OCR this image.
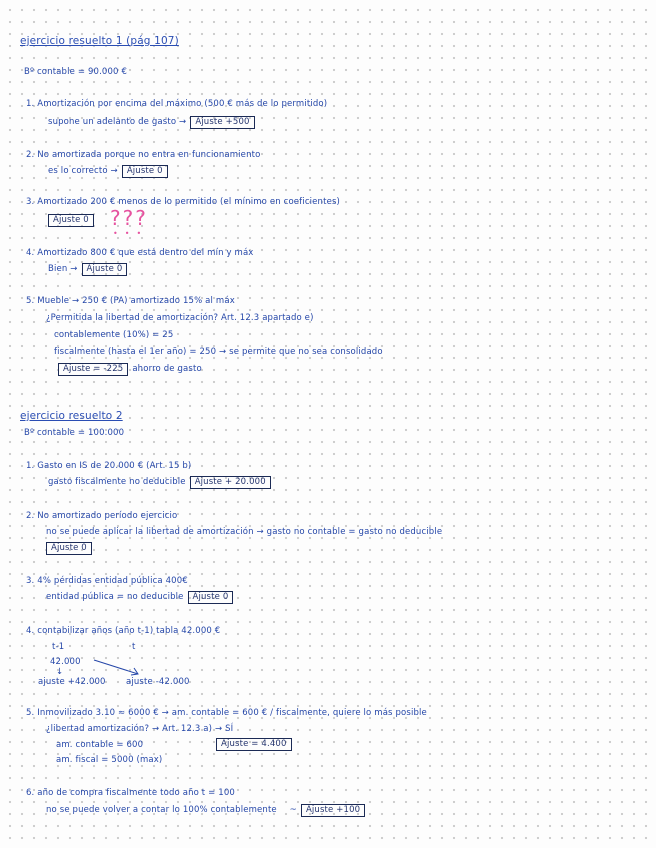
ejercicio resuelto 1 (pág 107)
Bº contable = 90.000 €
1. Amortización por encima del máximo (500 € más de lo permitido)
supone un adelanto de gasto → Ajuste +500
2. No amortizada porque no entra en funcionamiento
es lo correcto → Ajuste 0
3. Amortizado 200 € menos de lo permitido (el mínimo en coeficientes)
Ajuste 0	???
•••
4. Amortizado 800 € que está dentro del mín y máx
Bien → Ajuste 0
5. Mueble → 250 € (PA) amortizado 15% al máx
¿Permitida la libertad de amortización? Art. 12.3 apartado e)
contablemente (10%) = 25
fiscalmente (hasta el 1er año) = 250 → se permite que no sea consolidado
Ajuste = -225 ahorro de gasto
ejercicio resuelto 2
Bº contable = 100.000
1. Gasto en IS de 20.000 € (Art. 15 b)
gasto fiscalmente no deducible Ajuste + 20.000
2. No amortizado período ejercicio
no se puede aplicar la libertad de amortización → gasto no contable = gasto no deducible
Ajuste 0
3. 4% pérdidas entidad pública 400€
entidad pública = no deducible Ajuste 0
4. contabilizar años (año t-1) tabla 42.000 €
t-1	t
42.000
↓
ajuste +42.000 ajuste -42.000
5. Inmovilizado 3.10 ≈ 6000 € → am. contable = 600 € / fiscalmente, quiere lo más posible
¿libertad amortización? → Art. 12.3 a) → SÍ
am. contable = 600	Ajuste = 4.400
am. fiscal = 5000 (max)
6. año de compra fiscalmente todo año t = 100
no se puede volver a contar lo 100% contablemente ~ Ajuste +100
